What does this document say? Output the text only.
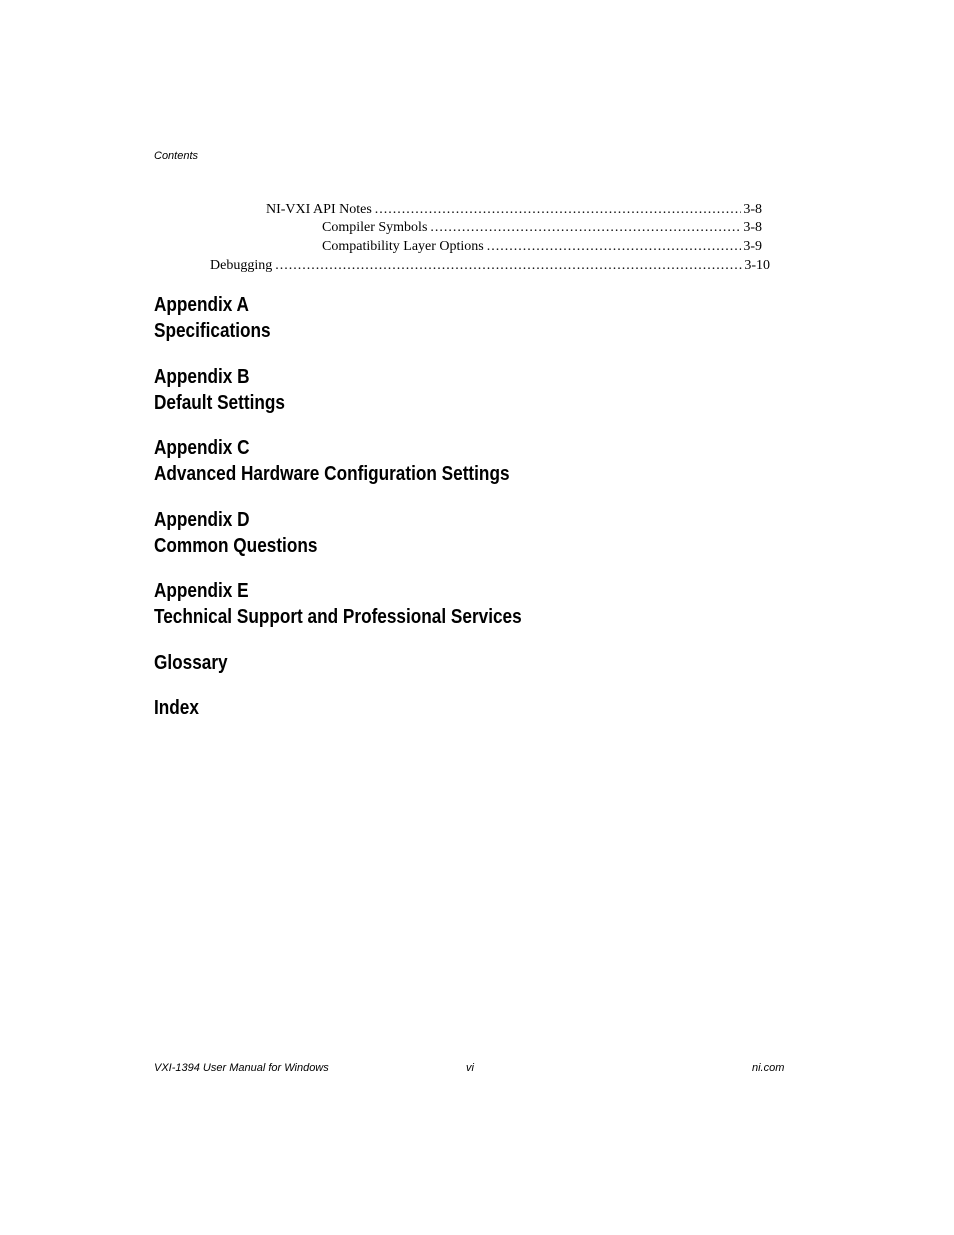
Contents
NI-VXI API Notes .....	3-8
Compiler Symbols .....	3-8
Compatibility Layer Options .....	3-9
Debugging .....	3-10
Appendix A
Specifications
Appendix B
Default Settings
Appendix C
Advanced Hardware Configuration Settings
Appendix D
Common Questions
Appendix E
Technical Support and Professional Services
Glossary
Index
VXI-1394 User Manual for Windows	vi	ni.com
